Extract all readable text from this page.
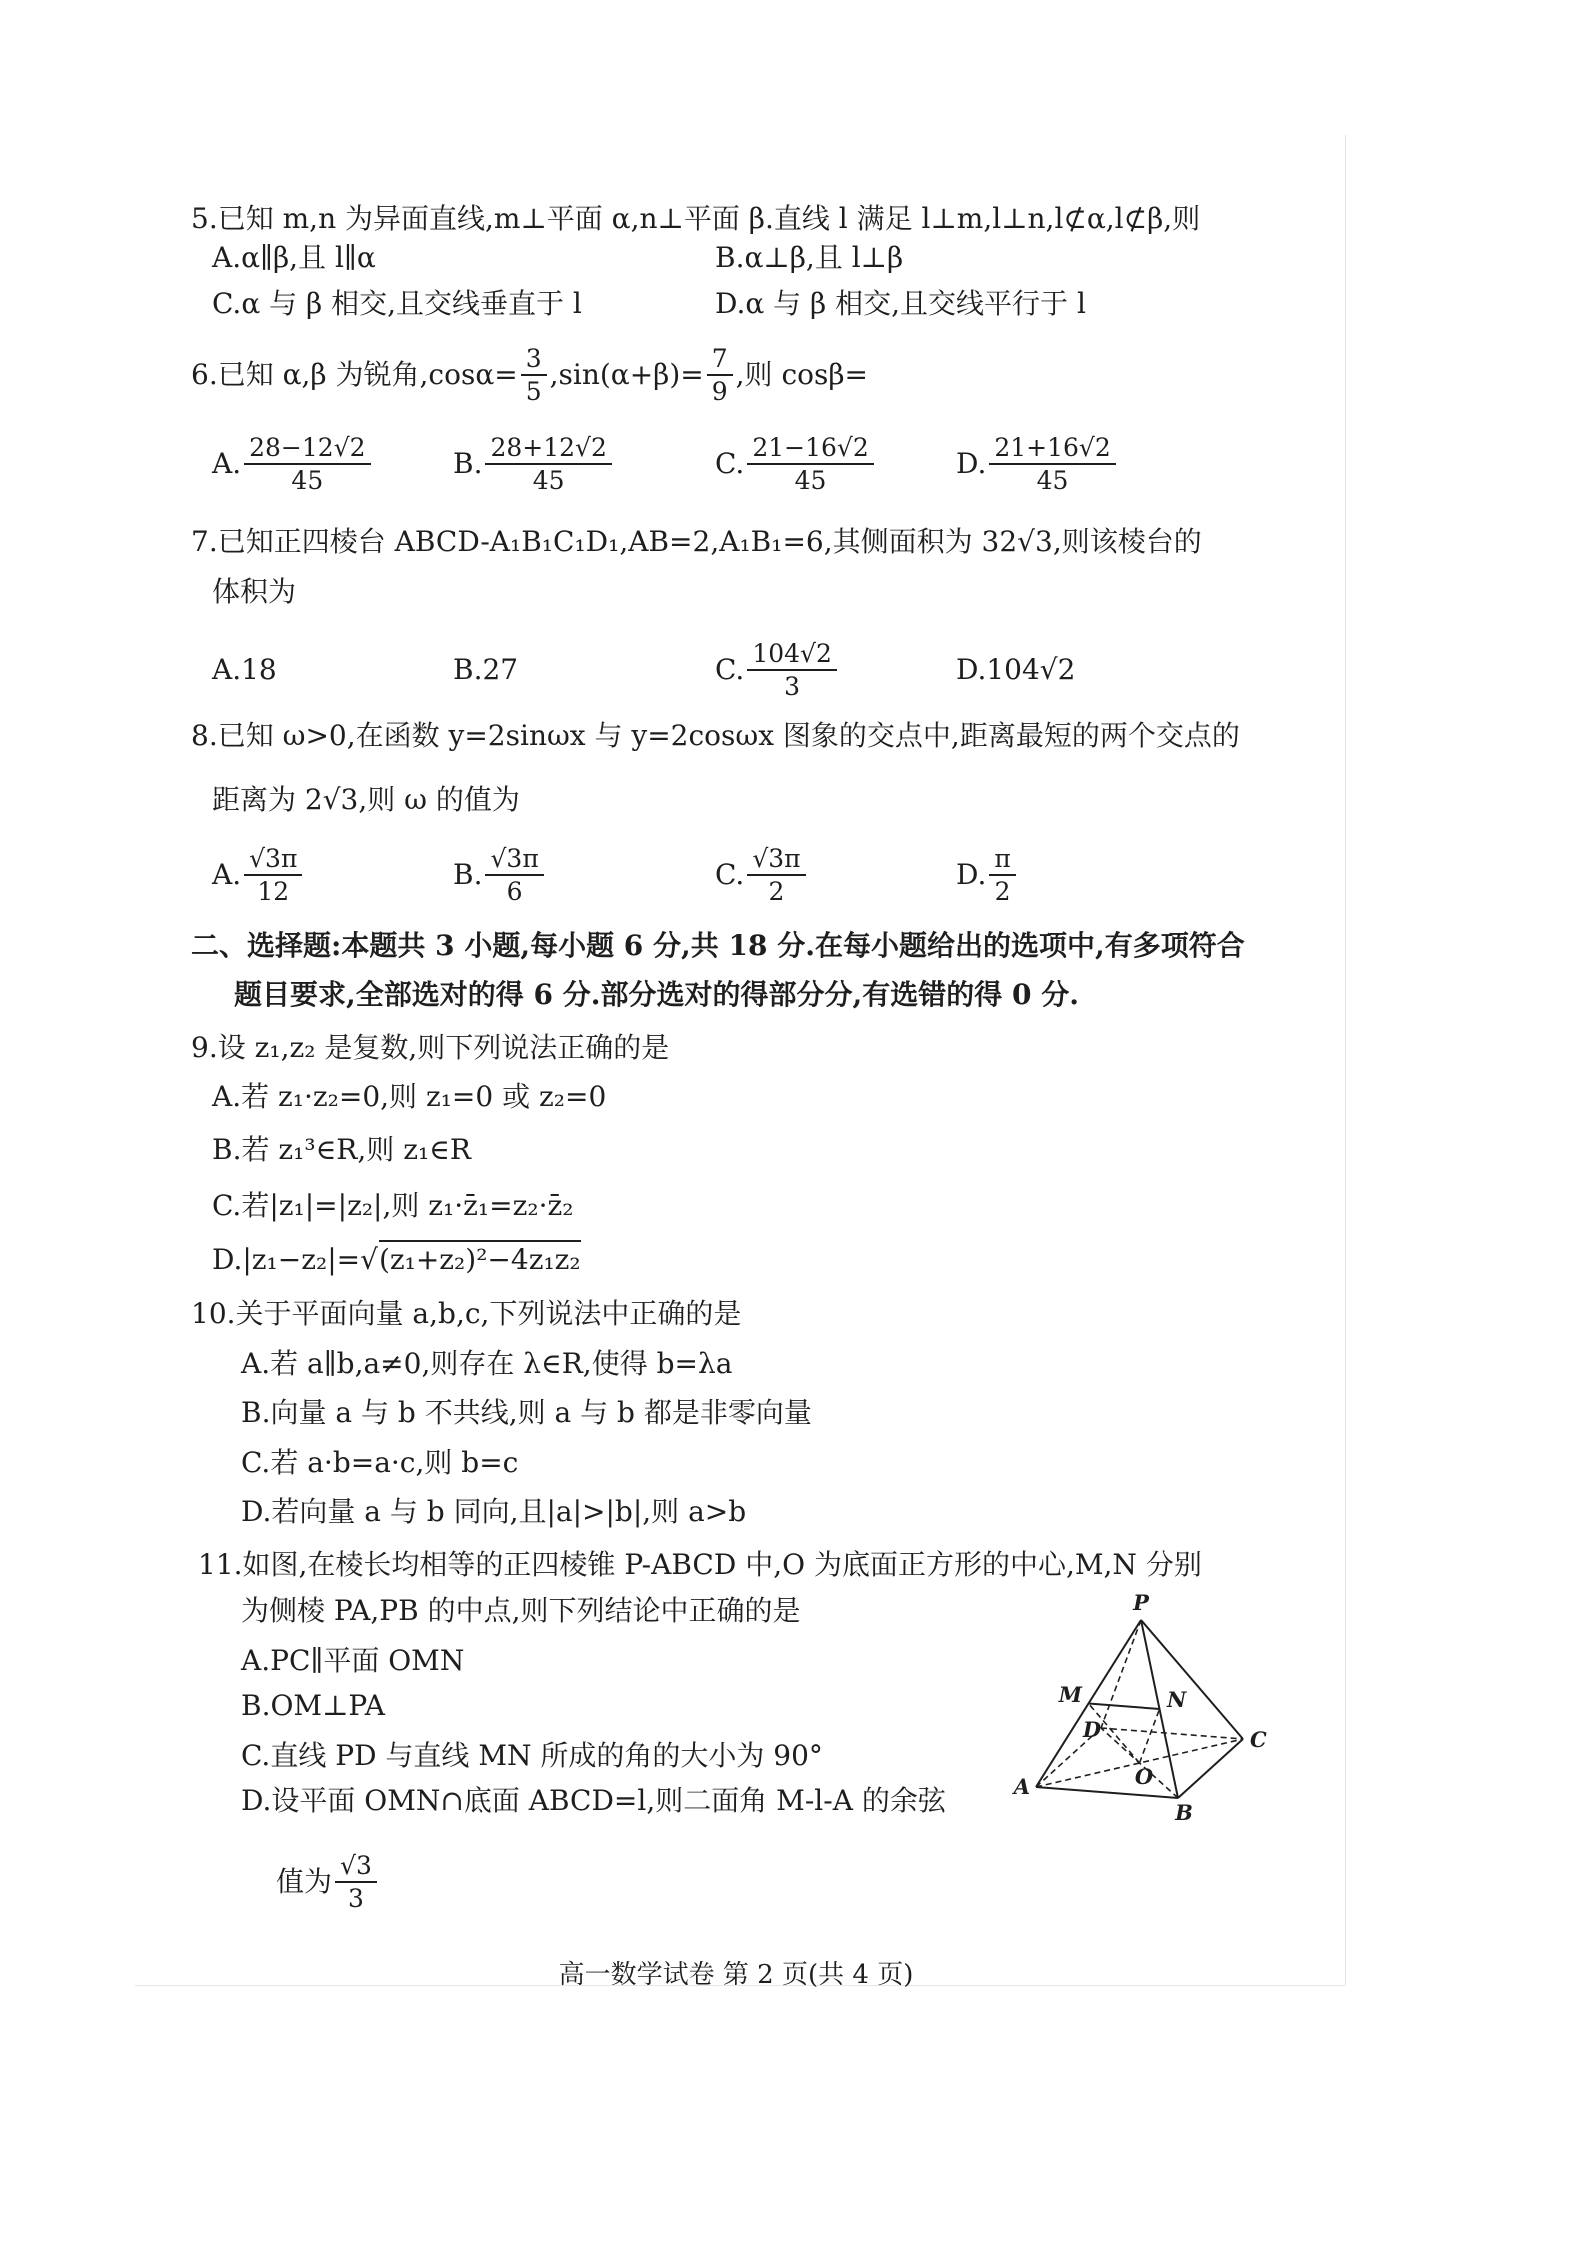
5.已知 m,n 为异面直线,m⊥平面 α,n⊥平面 β.直线 l 满足 l⊥m,l⊥n,l⊄α,l⊄β,则
A.α∥β,且 l∥α	B.α⊥β,且 l⊥β
C.α 与 β 相交,且交线垂直于 l	D.α 与 β 相交,且交线平行于 l
6.已知 α,β 为锐角$,\cos\alpha= \frac{3}{5} ,\sin(\alpha+\beta)= \frac{7}{9}$ ,则 cosβ=
A. $\frac{28-12√2}{45}$	B. $\frac{28+12√2}{45}$	C. $\frac{21-16√2}{45}$	D. $\frac{21+16√2}{45}$
7.已知正四棱台 ABCD-A₁B₁C₁D₁,AB=2,A₁B₁=6,其侧面积为 32√3,则该棱台的
体积为
A.18	B.27	C. $\frac{104√2}{3}$	D.104√2
8.已知 ω>0,在函数 y=2sinωx 与 y=2cosωx 图象的交点中,距离最短的两个交点的
距离为 2√3,则 ω 的值为
A. $\frac{√3\pi}{12}$	B. $\frac{√3\pi}{6}$	C. $\frac{√3\pi}{2}$	D. $\frac{\pi}{2}$
二、选择题:本题共 3 小题,每小题 6 分,共 18 分.在每小题给出的选项中,有多项符合
题目要求,全部选对的得 6 分.部分选对的得部分分,有选错的得 0 分.
9.设 z₁,z₂ 是复数,则下列说法正确的是
A.若 z₁·z₂=0,则 z₁=0 或 z₂=0
B.若 z₁³∈R,则 z₁∈R
C.若|z₁|=|z₂|,则 z₁·z̄₁=z₂·z̄₂
D.|z₁−z₂|=√(z₁+z₂)²−4z₁z₂
10.关于平面向量 a,b,c,下列说法中正确的是
A.若 a∥b,a≠0,则存在 λ∈R,使得 b=λa
B.向量 a 与 b 不共线,则 a 与 b 都是非零向量
C.若 a·b=a·c,则 b=c
D.若向量 a 与 b 同向,且|a|>|b|,则 a>b
11.如图,在棱长均相等的正四棱锥 P-ABCD 中,O 为底面正方形的中心,M,N 分别
为侧棱 PA,PB 的中点,则下列结论中正确的是
A.PC∥平面 OMN
B.OM⊥PA
C.直线 PD 与直线 MN 所成的角的大小为 90°
D.设平面 OMN∩底面 ABCD=l,则二面角 M-l-A 的余弦
值为 $\frac{√3}{3}$
P
M	N
D	C
O
A
B
高一数学试卷 第 2 页(共 4 页)
